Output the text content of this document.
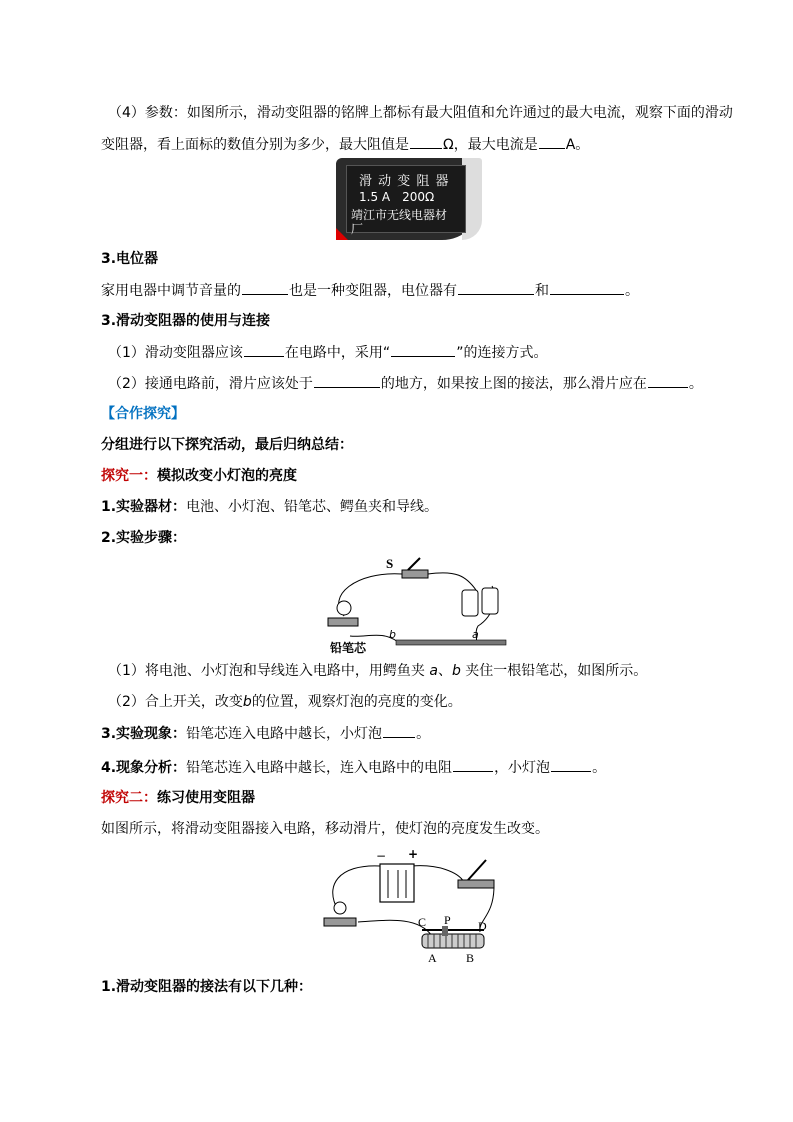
（4）参数：如图所示，滑动变阻器的铭牌上都标有最大阻值和允许通过的最大电流，观察下面的滑动
变阻器，看上面标的数值分别为多少，最大阻值是 Ω，最大电流是 A。
滑 动 变 阻 器
1.5 A　200Ω
靖江市无线电器材
厂
3.电位器
家用电器中调节音量的	也是一种变阻器，电位器有	和	。
3.滑动变阻器的使用与连接
（1）滑动变阻器应该	在电路中，采用“	”的连接方式。
（2）接通电路前，滑片应该处于	的地方，如果按上图的接法，那么滑片应在	。
【合作探究】
分组进行以下探究活动，最后归纳总结：
探究一：模拟改变小灯泡的亮度
1.实验器材：电池、小灯泡、铅笔芯、鳄鱼夹和导线。
2.实验步骤：
S
铅笔芯
b	a
（1）将电池、小灯泡和导线连入电路中，用鳄鱼夹 a、b 夹住一根铅笔芯，如图所示。
（2）合上开关，改变b的位置，观察灯泡的亮度的变化。
3.实验现象：铅笔芯连入电路中越长，小灯泡 。
4.现象分析：铅笔芯连入电路中越长，连入电路中的电阻	，小灯泡	。
探究二：练习使用变阻器
如图所示，将滑动变阻器接入电路，移动滑片，使灯泡的亮度发生改变。
− +
C P D
A B
1.滑动变阻器的接法有以下几种：
